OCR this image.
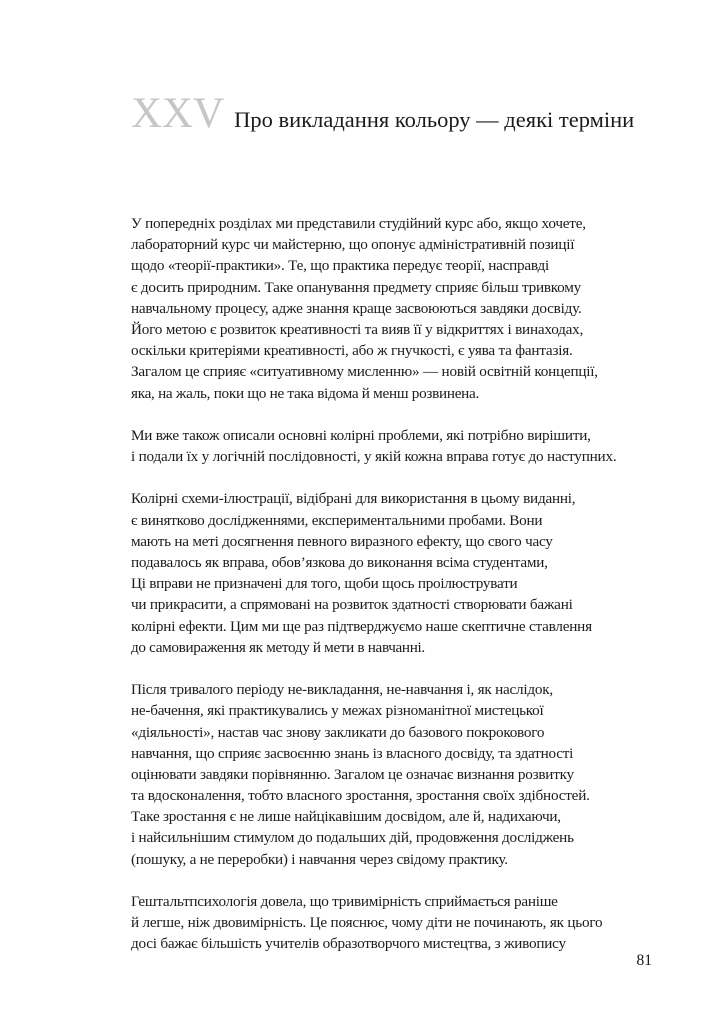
XXV Про викладання кольору — деякі терміни

У попередніх розділах ми представили студійний курс або, якщо хочете,
лабораторний курс чи майстерню, що опонує адміністративній позиції
щодо «теорії-практики». Те, що практика передує теорії, насправді
є досить природним. Таке опанування предмету сприяє більш тривкому
навчальному процесу, адже знання краще засвоюються завдяки досвіду.
Його метою є розвиток креативності та вияв її у відкриттях і винаходах,
оскільки критеріями креативності, або ж гнучкості, є уява та фантазія.
Загалом це сприяє «ситуативному мисленню» — новій освітній концепції,
яка, на жаль, поки що не така відома й менш розвинена.

Ми вже також описали основні колірні проблеми, які потрібно вирішити,
і подали їх у логічній послідовності, у якій кожна вправа готує до наступних.

Колірні схеми-ілюстрації, відібрані для використання в цьому виданні,
є винятково дослідженнями, експериментальними пробами. Вони
мають на меті досягнення певного виразного ефекту, що свого часу
подавалось як вправа, обов’язкова до виконання всіма студентами,
Ці вправи не призначені для того, щоби щось проілюструвати
чи прикрасити, а спрямовані на розвиток здатності створювати бажані
колірні ефекти. Цим ми ще раз підтверджуємо наше скептичне ставлення
до самовираження як методу й мети в навчанні.

Після тривалого періоду не-викладання, не-навчання і, як наслідок,
не-бачення, які практикувались у межах різноманітної мистецької
«діяльності», настав час знову закликати до базового покрокового
навчання, що сприяє засвоєнню знань із власного досвіду, та здатності
оцінювати завдяки порівнянню. Загалом це означає визнання розвитку
та вдосконалення, тобто власного зростання, зростання своїх здібностей.
Таке зростання є не лише найцікавішим досвідом, але й, надихаючи,
і найсильнішим стимулом до подальших дій, продовження досліджень
(пошуку, а не переробки) і навчання через свідому практику.

Гештальтпсихологія довела, що тривимірність сприймається раніше
й легше, ніж двовимірність. Це пояснює, чому діти не починають, як цього
досі бажає більшість учителів образотворчого мистецтва, з живопису

81
